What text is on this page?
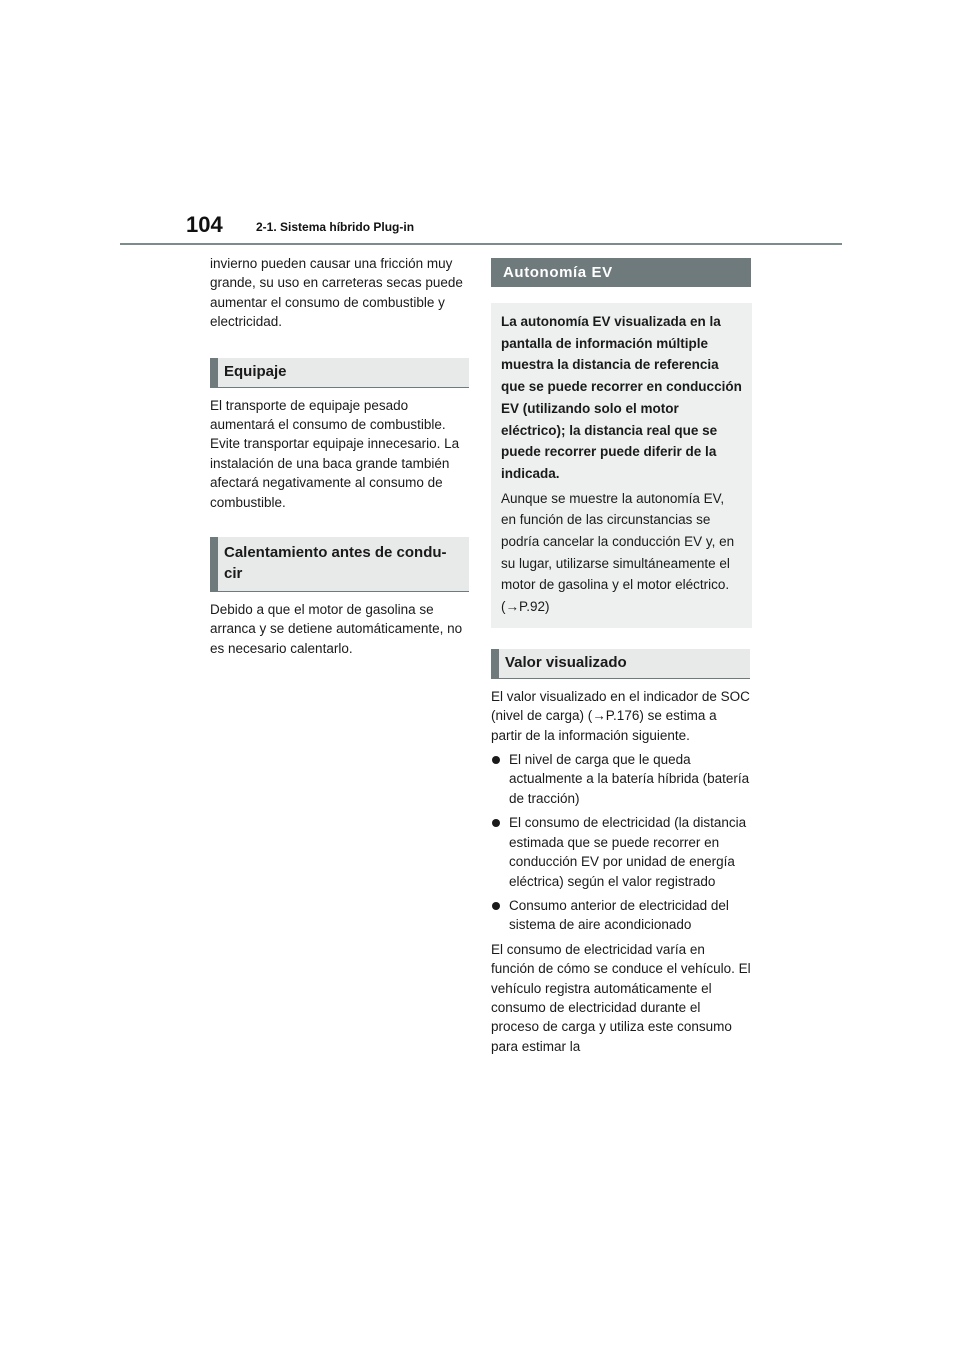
104	2-1. Sistema híbrido Plug-in

invierno pueden causar una fricción muy grande, su uso en carreteras secas puede aumentar el consumo de combustible y electricidad.

Equipaje

El transporte de equipaje pesado aumentará el consumo de combustible. Evite transportar equipaje innecesario. La instalación de una baca grande también afectará negativamente al consumo de combustible.

Calentamiento antes de condu-
cir

Debido a que el motor de gasolina se arranca y se detiene automáticamente, no es necesario calentarlo.

Autonomía EV

La autonomía EV visualizada en la pantalla de información múltiple muestra la distancia de referencia que se puede recorrer en conducción EV (utilizando solo el motor eléctrico); la distancia real que se puede recorrer puede diferir de la indicada.

Aunque se muestre la autonomía EV, en función de las circunstancias se podría cancelar la conducción EV y, en su lugar, utilizarse simultáneamente el motor de gasolina y el motor eléctrico.

(→P.92)

Valor visualizado

El valor visualizado en el indicador de SOC (nivel de carga) (→P.176) se estima a partir de la información siguiente.

El nivel de carga que le queda actualmente a la batería híbrida (batería de tracción)
El consumo de electricidad (la distancia estimada que se puede recorrer en conducción EV por unidad de energía eléctrica) según el valor registrado
Consumo anterior de electricidad del sistema de aire acondicionado

El consumo de electricidad varía en función de cómo se conduce el vehículo. El vehículo registra automáticamente el consumo de electricidad durante el proceso de carga y utiliza este consumo para estimar la
